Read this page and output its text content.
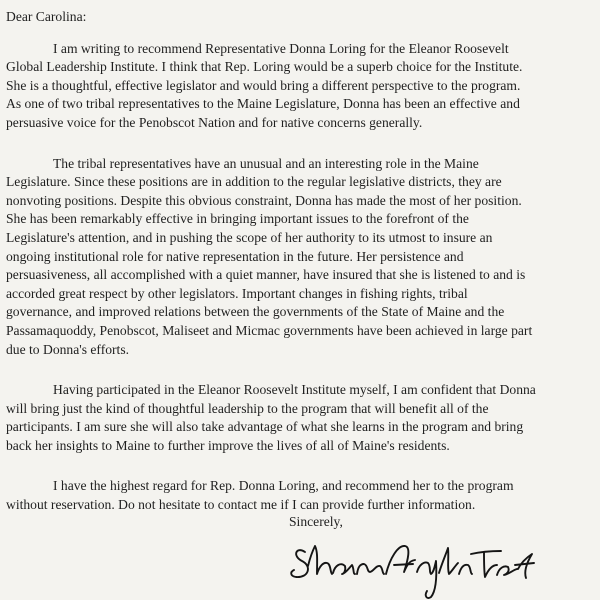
Dear Carolina:
I am writing to recommend Representative Donna Loring for the Eleanor Roosevelt
Global Leadership Institute. I think that Rep. Loring would be a superb choice for the Institute.
She is a thoughtful, effective legislator and would bring a different perspective to the program.
As one of two tribal representatives to the Maine Legislature, Donna has been an effective and
persuasive voice for the Penobscot Nation and for native concerns generally.
The tribal representatives have an unusual and an interesting role in the Maine
Legislature. Since these positions are in addition to the regular legislative districts, they are
nonvoting positions. Despite this obvious constraint, Donna has made the most of her position.
She has been remarkably effective in bringing important issues to the forefront of the
Legislature's attention, and in pushing the scope of her authority to its utmost to insure an
ongoing institutional role for native representation in the future. Her persistence and
persuasiveness, all accomplished with a quiet manner, have insured that she is listened to and is
accorded great respect by other legislators. Important changes in fishing rights, tribal
governance, and improved relations between the governments of the State of Maine and the
Passamaquoddy, Penobscot, Maliseet and Micmac governments have been achieved in large part
due to Donna's efforts.
Having participated in the Eleanor Roosevelt Institute myself, I am confident that Donna
will bring just the kind of thoughtful leadership to the program that will benefit all of the
participants. I am sure she will also take advantage of what she learns in the program and bring
back her insights to Maine to further improve the lives of all of Maine's residents.
I have the highest regard for Rep. Donna Loring, and recommend her to the program
without reservation. Do not hesitate to contact me if I can provide further information.
Sincerely,
